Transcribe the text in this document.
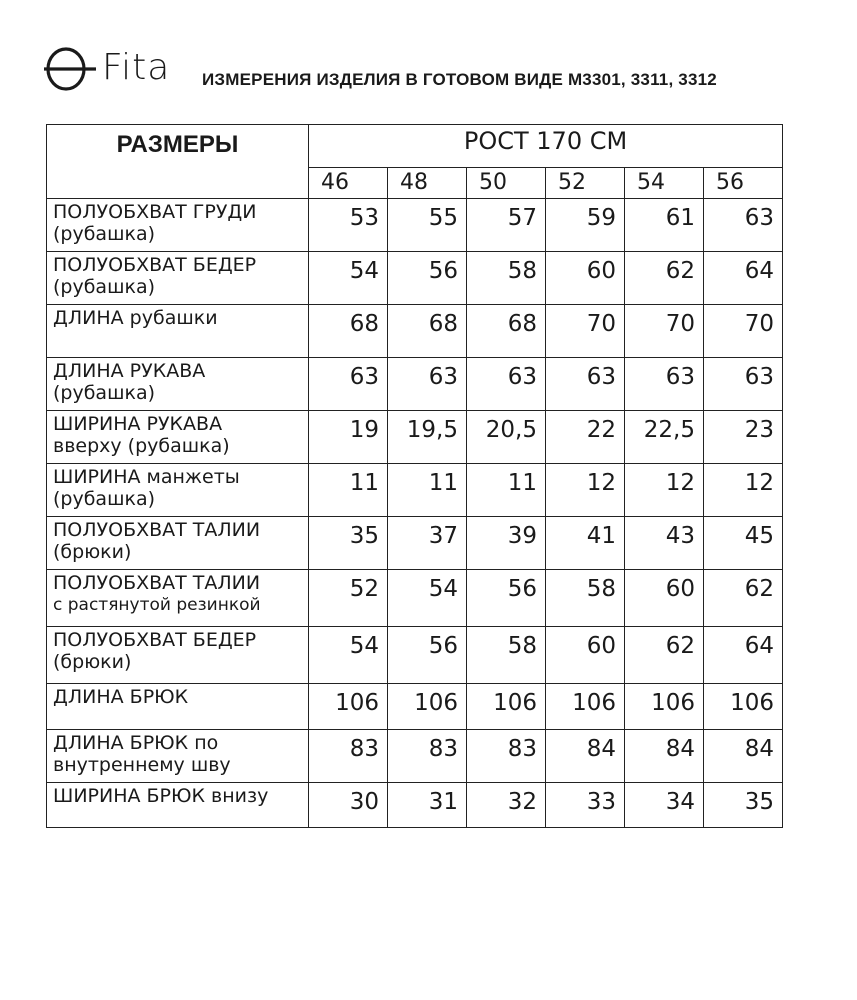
Fita ИЗМЕРЕНИЯ ИЗДЕЛИЯ В ГОТОВОМ ВИДЕ М3301, 3311, 3312
РАЗМЕРЫ	РОСТ 170 СМ					
	46	48	50	52	54	56

ПОЛУОБХВАТ ГРУДИ
(рубашка)	53	55	57	59	61	63

ПОЛУОБХВАТ БЕДЕР
(рубашка)	54	56	58	60	62	64

ДЛИНА рубашки	68	68	68	70	70	70

ДЛИНА РУКАВА
(рубашка)	63	63	63	63	63	63

ШИРИНА РУКАВА
вверху (рубашка)	19	19,5	20,5	22	22,5	23

ШИРИНА манжеты
(рубашка)	11	11	11	12	12	12

ПОЛУОБХВАТ ТАЛИИ
(брюки)	35	37	39	41	43	45

ПОЛУОБХВАТ ТАЛИИ
с растянутой резинкой	52	54	56	58	60	62

ПОЛУОБХВАТ БЕДЕР
(брюки)	54	56	58	60	62	64

ДЛИНА БРЮК	106	106	106	106	106	106

ДЛИНА БРЮК по
внутреннему шву	83	83	83	84	84	84

ШИРИНА БРЮК внизу	30	31	32	33	34	35
